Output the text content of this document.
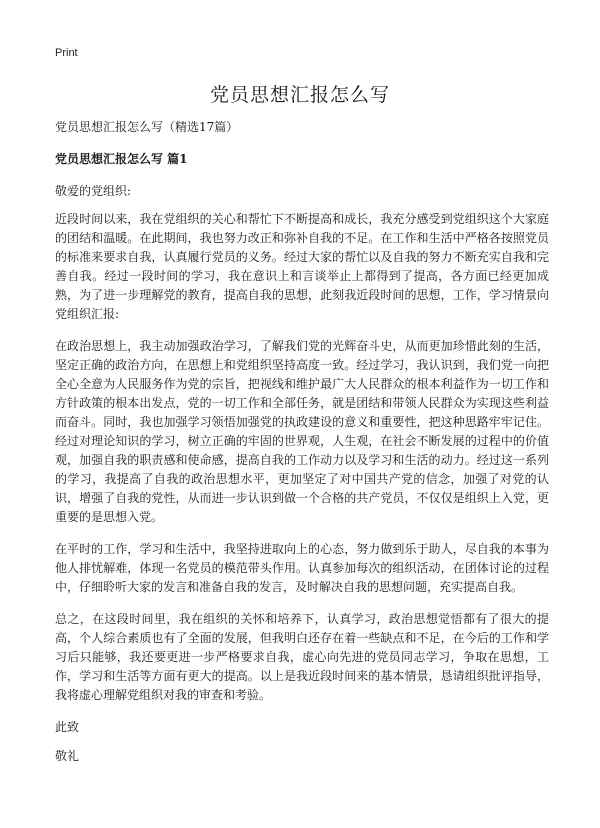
Print
党员思想汇报怎么写

党员思想汇报怎么写（精选17篇）

党员思想汇报怎么写 篇1

敬爱的党组织:

近段时间以来，我在党组织的关心和帮忙下不断提高和成长，我充分感受到党组织这个大家庭的团结和温暖。在此期间，我也努力改正和弥补自我的不足。在工作和生活中严格各按照党员的标准来要求自我，认真履行党员的义务。经过大家的帮忙以及自我的努力不断充实自我和完善自我。经过一段时间的学习，我在意识上和言谈举止上都得到了提高，各方面已经更加成熟，为了进一步理解党的教育，提高自我的思想，此刻我近段时间的思想，工作，学习情景向党组织汇报:

在政治思想上，我主动加强政治学习，了解我们党的光辉奋斗史，从而更加珍惜此刻的生活，坚定正确的政治方向，在思想上和党组织坚持高度一致。经过学习，我认识到，我们党一向把全心全意为人民服务作为党的宗旨，把视线和维护最广大人民群众的根本利益作为一切工作和方针政策的根本出发点，党的一切工作和全部任务，就是团结和带领人民群众为实现这些利益而奋斗。同时，我也加强学习领悟加强党的执政建设的意义和重要性，把这种思路牢牢记住。经过对理论知识的学习，树立正确的牢固的世界观，人生观，在社会不断发展的过程中的价值观，加强自我的职责感和使命感，提高自我的工作动力以及学习和生活的动力。经过这一系列的学习，我提高了自我的政治思想水平，更加坚定了对中国共产党的信念，加强了对党的认识，增强了自我的党性，从而进一步认识到做一个合格的共产党员，不仅仅是组织上入党，更重要的是思想入党。

在平时的工作，学习和生活中，我坚持进取向上的心态，努力做到乐于助人，尽自我的本事为他人排忧解难，体现一名党员的模范带头作用。认真参加每次的组织活动，在团体讨论的过程中，仔细聆听大家的发言和准备自我的发言，及时解决自我的思想问题，充实提高自我。

总之，在这段时间里，我在组织的关怀和培养下，认真学习，政治思想觉悟都有了很大的提高，个人综合素质也有了全面的发展，但我明白还存在着一些缺点和不足，在今后的工作和学习后只能够，我还要更进一步严格要求自我，虚心向先进的党员同志学习，争取在思想，工作，学习和生活等方面有更大的提高。以上是我近段时间来的基本情景，恳请组织批评指导，我将虚心理解党组织对我的审查和考验。

此致

敬礼
